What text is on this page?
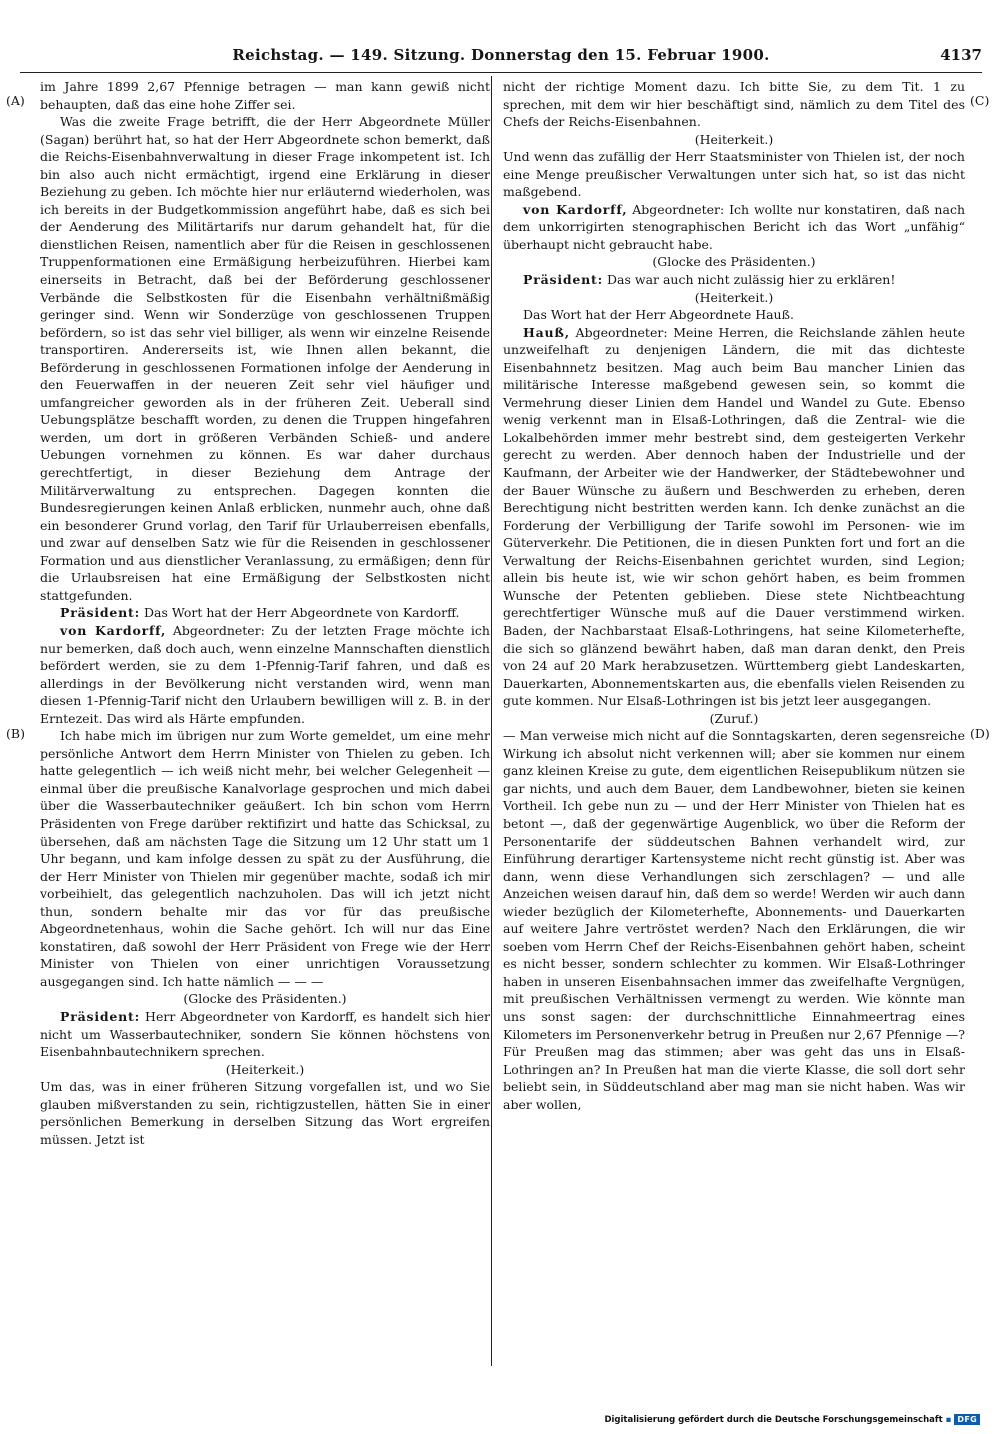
Reichstag. — 149. Sitzung. Donnerstag den 15. Februar 1900.	4137
(A)
(B)
(C)
(D)

im Jahre 1899 2,67 Pfennige betragen — man kann gewiß nicht behaupten, daß das eine hohe Ziffer sei.

Was die zweite Frage betrifft, die der Herr Abgeordnete Müller (Sagan) berührt hat, so hat der Herr Abgeordnete schon bemerkt, daß die Reichs-Eisenbahnverwaltung in dieser Frage inkompetent ist. Ich bin also auch nicht ermächtigt, irgend eine Erklärung in dieser Beziehung zu geben. Ich möchte hier nur erläuternd wiederholen, was ich bereits in der Budgetkommission angeführt habe, daß es sich bei der Aenderung des Militärtarifs nur darum gehandelt hat, für die dienstlichen Reisen, namentlich aber für die Reisen in geschlossenen Truppenformationen eine Ermäßigung herbeizuführen. Hierbei kam einerseits in Betracht, daß bei der Beförderung geschlossener Verbände die Selbstkosten für die Eisenbahn verhältnißmäßig geringer sind. Wenn wir Sonderzüge von geschlossenen Truppen befördern, so ist das sehr viel billiger, als wenn wir einzelne Reisende transportiren. Andererseits ist, wie Ihnen allen bekannt, die Beförderung in geschlossenen Formationen infolge der Aenderung in den Feuerwaffen in der neueren Zeit sehr viel häufiger und umfangreicher geworden als in der früheren Zeit. Ueberall sind Uebungsplätze beschafft worden, zu denen die Truppen hingefahren werden, um dort in größeren Verbänden Schieß- und andere Uebungen vornehmen zu können. Es war daher durchaus gerechtfertigt, in dieser Beziehung dem Antrage der Militärverwaltung zu entsprechen. Dagegen konnten die Bundesregierungen keinen Anlaß erblicken, nunmehr auch, ohne daß ein besonderer Grund vorlag, den Tarif für Urlauberreisen ebenfalls, und zwar auf denselben Satz wie für die Reisenden in geschlossener Formation und aus dienstlicher Veranlassung, zu ermäßigen; denn für die Urlaubsreisen hat eine Ermäßigung der Selbstkosten nicht stattgefunden.

Präsident: Das Wort hat der Herr Abgeordnete von Kardorff.

von Kardorff, Abgeordneter: Zu der letzten Frage möchte ich nur bemerken, daß doch auch, wenn einzelne Mannschaften dienstlich befördert werden, sie zu dem 1-Pfennig-Tarif fahren, und daß es allerdings in der Bevölkerung nicht verstanden wird, wenn man diesen 1-Pfennig-Tarif nicht den Urlaubern bewilligen will z. B. in der Erntezeit. Das wird als Härte empfunden.

Ich habe mich im übrigen nur zum Worte gemeldet, um eine mehr persönliche Antwort dem Herrn Minister von Thielen zu geben. Ich hatte gelegentlich — ich weiß nicht mehr, bei welcher Gelegenheit — einmal über die preußische Kanalvorlage gesprochen und mich dabei über die Wasserbautechniker geäußert. Ich bin schon vom Herrn Präsidenten von Frege darüber rektifizirt und hatte das Schicksal, zu übersehen, daß am nächsten Tage die Sitzung um 12 Uhr statt um 1 Uhr begann, und kam infolge dessen zu spät zu der Ausführung, die der Herr Minister von Thielen mir gegenüber machte, sodaß ich mir vorbeihielt, das gelegentlich nachzuholen. Das will ich jetzt nicht thun, sondern behalte mir das vor für das preußische Abgeordnetenhaus, wohin die Sache gehört. Ich will nur das Eine konstatiren, daß sowohl der Herr Präsident von Frege wie der Herr Minister von Thielen von einer unrichtigen Voraussetzung ausgegangen sind. Ich hatte nämlich — — —

(Glocke des Präsidenten.)

Präsident: Herr Abgeordneter von Kardorff, es handelt sich hier nicht um Wasserbautechniker, sondern Sie können höchstens von Eisenbahnbautechnikern sprechen.

(Heiterkeit.)

Um das, was in einer früheren Sitzung vorgefallen ist, und wo Sie glauben mißverstanden zu sein, richtigzustellen, hätten Sie in einer persönlichen Bemerkung in derselben Sitzung das Wort ergreifen müssen. Jetzt ist

nicht der richtige Moment dazu. Ich bitte Sie, zu dem Tit. 1 zu sprechen, mit dem wir hier beschäftigt sind, nämlich zu dem Titel des Chefs der Reichs-Eisenbahnen.

(Heiterkeit.)

Und wenn das zufällig der Herr Staatsminister von Thielen ist, der noch eine Menge preußischer Verwaltungen unter sich hat, so ist das nicht maßgebend.

von Kardorff, Abgeordneter: Ich wollte nur konstatiren, daß nach dem unkorrigirten stenographischen Bericht ich das Wort „unfähig“ überhaupt nicht gebraucht habe.

(Glocke des Präsidenten.)

Präsident: Das war auch nicht zulässig hier zu erklären!

(Heiterkeit.)

Das Wort hat der Herr Abgeordnete Hauß.

Hauß, Abgeordneter: Meine Herren, die Reichslande zählen heute unzweifelhaft zu denjenigen Ländern, die mit das dichteste Eisenbahnnetz besitzen. Mag auch beim Bau mancher Linien das militärische Interesse maßgebend gewesen sein, so kommt die Vermehrung dieser Linien dem Handel und Wandel zu Gute. Ebenso wenig verkennt man in Elsaß-Lothringen, daß die Zentral- wie die Lokalbehörden immer mehr bestrebt sind, dem gesteigerten Verkehr gerecht zu werden. Aber dennoch haben der Industrielle und der Kaufmann, der Arbeiter wie der Handwerker, der Städtebewohner und der Bauer Wünsche zu äußern und Beschwerden zu erheben, deren Berechtigung nicht bestritten werden kann. Ich denke zunächst an die Forderung der Verbilligung der Tarife sowohl im Personen- wie im Güterverkehr. Die Petitionen, die in diesen Punkten fort und fort an die Verwaltung der Reichs-Eisenbahnen gerichtet wurden, sind Legion; allein bis heute ist, wie wir schon gehört haben, es beim frommen Wunsche der Petenten geblieben. Diese stete Nichtbeachtung gerechtfertiger Wünsche muß auf die Dauer verstimmend wirken. Baden, der Nachbarstaat Elsaß-Lothringens, hat seine Kilometerhefte, die sich so glänzend bewährt haben, daß man daran denkt, den Preis von 24 auf 20 Mark herabzusetzen. Württemberg giebt Landeskarten, Dauerkarten, Abonnementskarten aus, die ebenfalls vielen Reisenden zu gute kommen. Nur Elsaß-Lothringen ist bis jetzt leer ausgegangen.

(Zuruf.)

— Man verweise mich nicht auf die Sonntagskarten, deren segensreiche Wirkung ich absolut nicht verkennen will; aber sie kommen nur einem ganz kleinen Kreise zu gute, dem eigentlichen Reisepublikum nützen sie gar nichts, und auch dem Bauer, dem Landbewohner, bieten sie keinen Vortheil. Ich gebe nun zu — und der Herr Minister von Thielen hat es betont —, daß der gegenwärtige Augenblick, wo über die Reform der Personentarife der süddeutschen Bahnen verhandelt wird, zur Einführung derartiger Kartensysteme nicht recht günstig ist. Aber was dann, wenn diese Verhandlungen sich zerschlagen? — und alle Anzeichen weisen darauf hin, daß dem so werde! Werden wir auch dann wieder bezüglich der Kilometerhefte, Abonnements- und Dauerkarten auf weitere Jahre vertröstet werden? Nach den Erklärungen, die wir soeben vom Herrn Chef der Reichs-Eisenbahnen gehört haben, scheint es nicht besser, sondern schlechter zu kommen. Wir Elsaß-Lothringer haben in unseren Eisenbahnsachen immer das zweifelhafte Vergnügen, mit preußischen Verhältnissen vermengt zu werden. Wie könnte man uns sonst sagen: der durchschnittliche Einnahmeertrag eines Kilometers im Personenverkehr betrug in Preußen nur 2,67 Pfennige —? Für Preußen mag das stimmen; aber was geht das uns in Elsaß-Lothringen an? In Preußen hat man die vierte Klasse, die soll dort sehr beliebt sein, in Süddeutschland aber mag man sie nicht haben. Was wir aber wollen,

Digitalisierung gefördert durch die Deutsche Forschungsgemeinschaft ▪ DFG
